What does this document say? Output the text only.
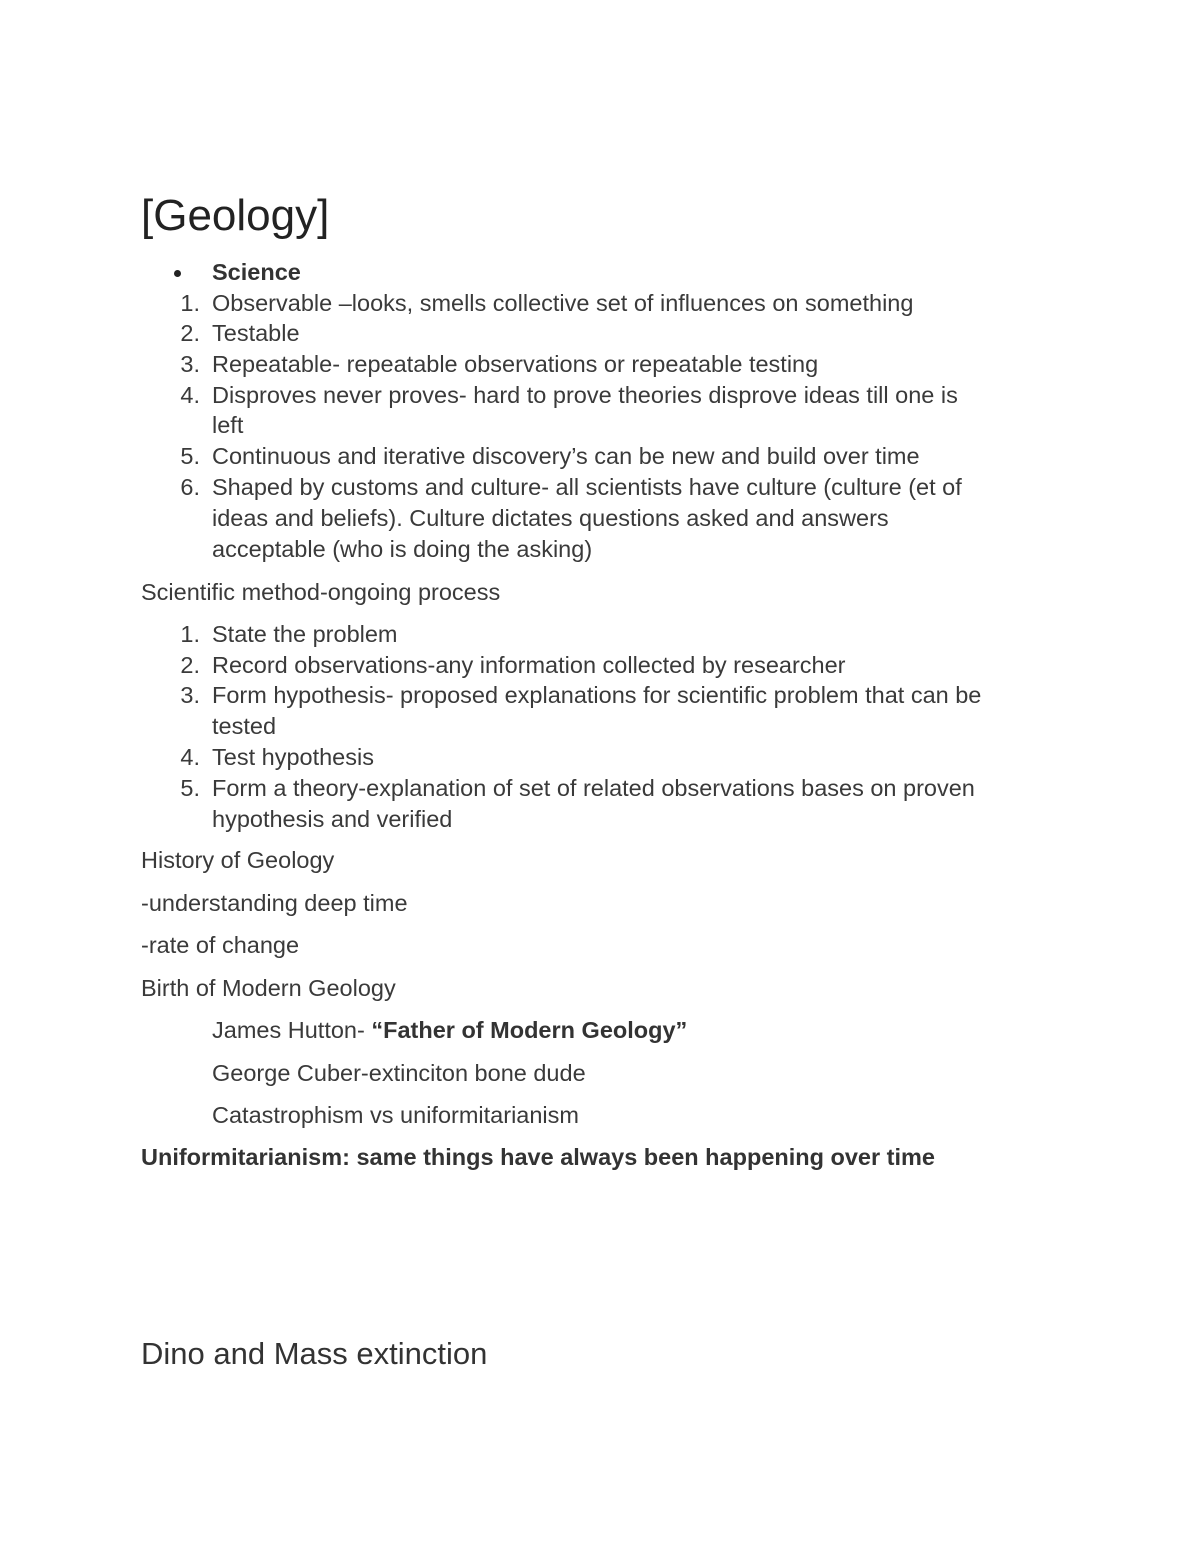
[Geology]
Science
1. Observable –looks, smells collective set of influences on something
2. Testable
3. Repeatable- repeatable observations or repeatable testing
4. Disproves never proves- hard to prove theories disprove ideas till one is
left
5. Continuous and iterative discovery’s can be new and build over time
6. Shaped by customs and culture- all scientists have culture (culture (et of
ideas and beliefs). Culture dictates questions asked and answers
acceptable (who is doing the asking)
Scientific method-ongoing process
1. State the problem
2. Record observations-any information collected by researcher
3. Form hypothesis- proposed explanations for scientific problem that can be
tested
4. Test hypothesis
5. Form a theory-explanation of set of related observations bases on proven
hypothesis and verified
History of Geology
-understanding deep time
-rate of change
Birth of Modern Geology
James Hutton- “Father of Modern Geology”
George Cuber-extinciton bone dude
Catastrophism vs uniformitarianism
Uniformitarianism: same things have always been happening over time
Dino and Mass extinction
